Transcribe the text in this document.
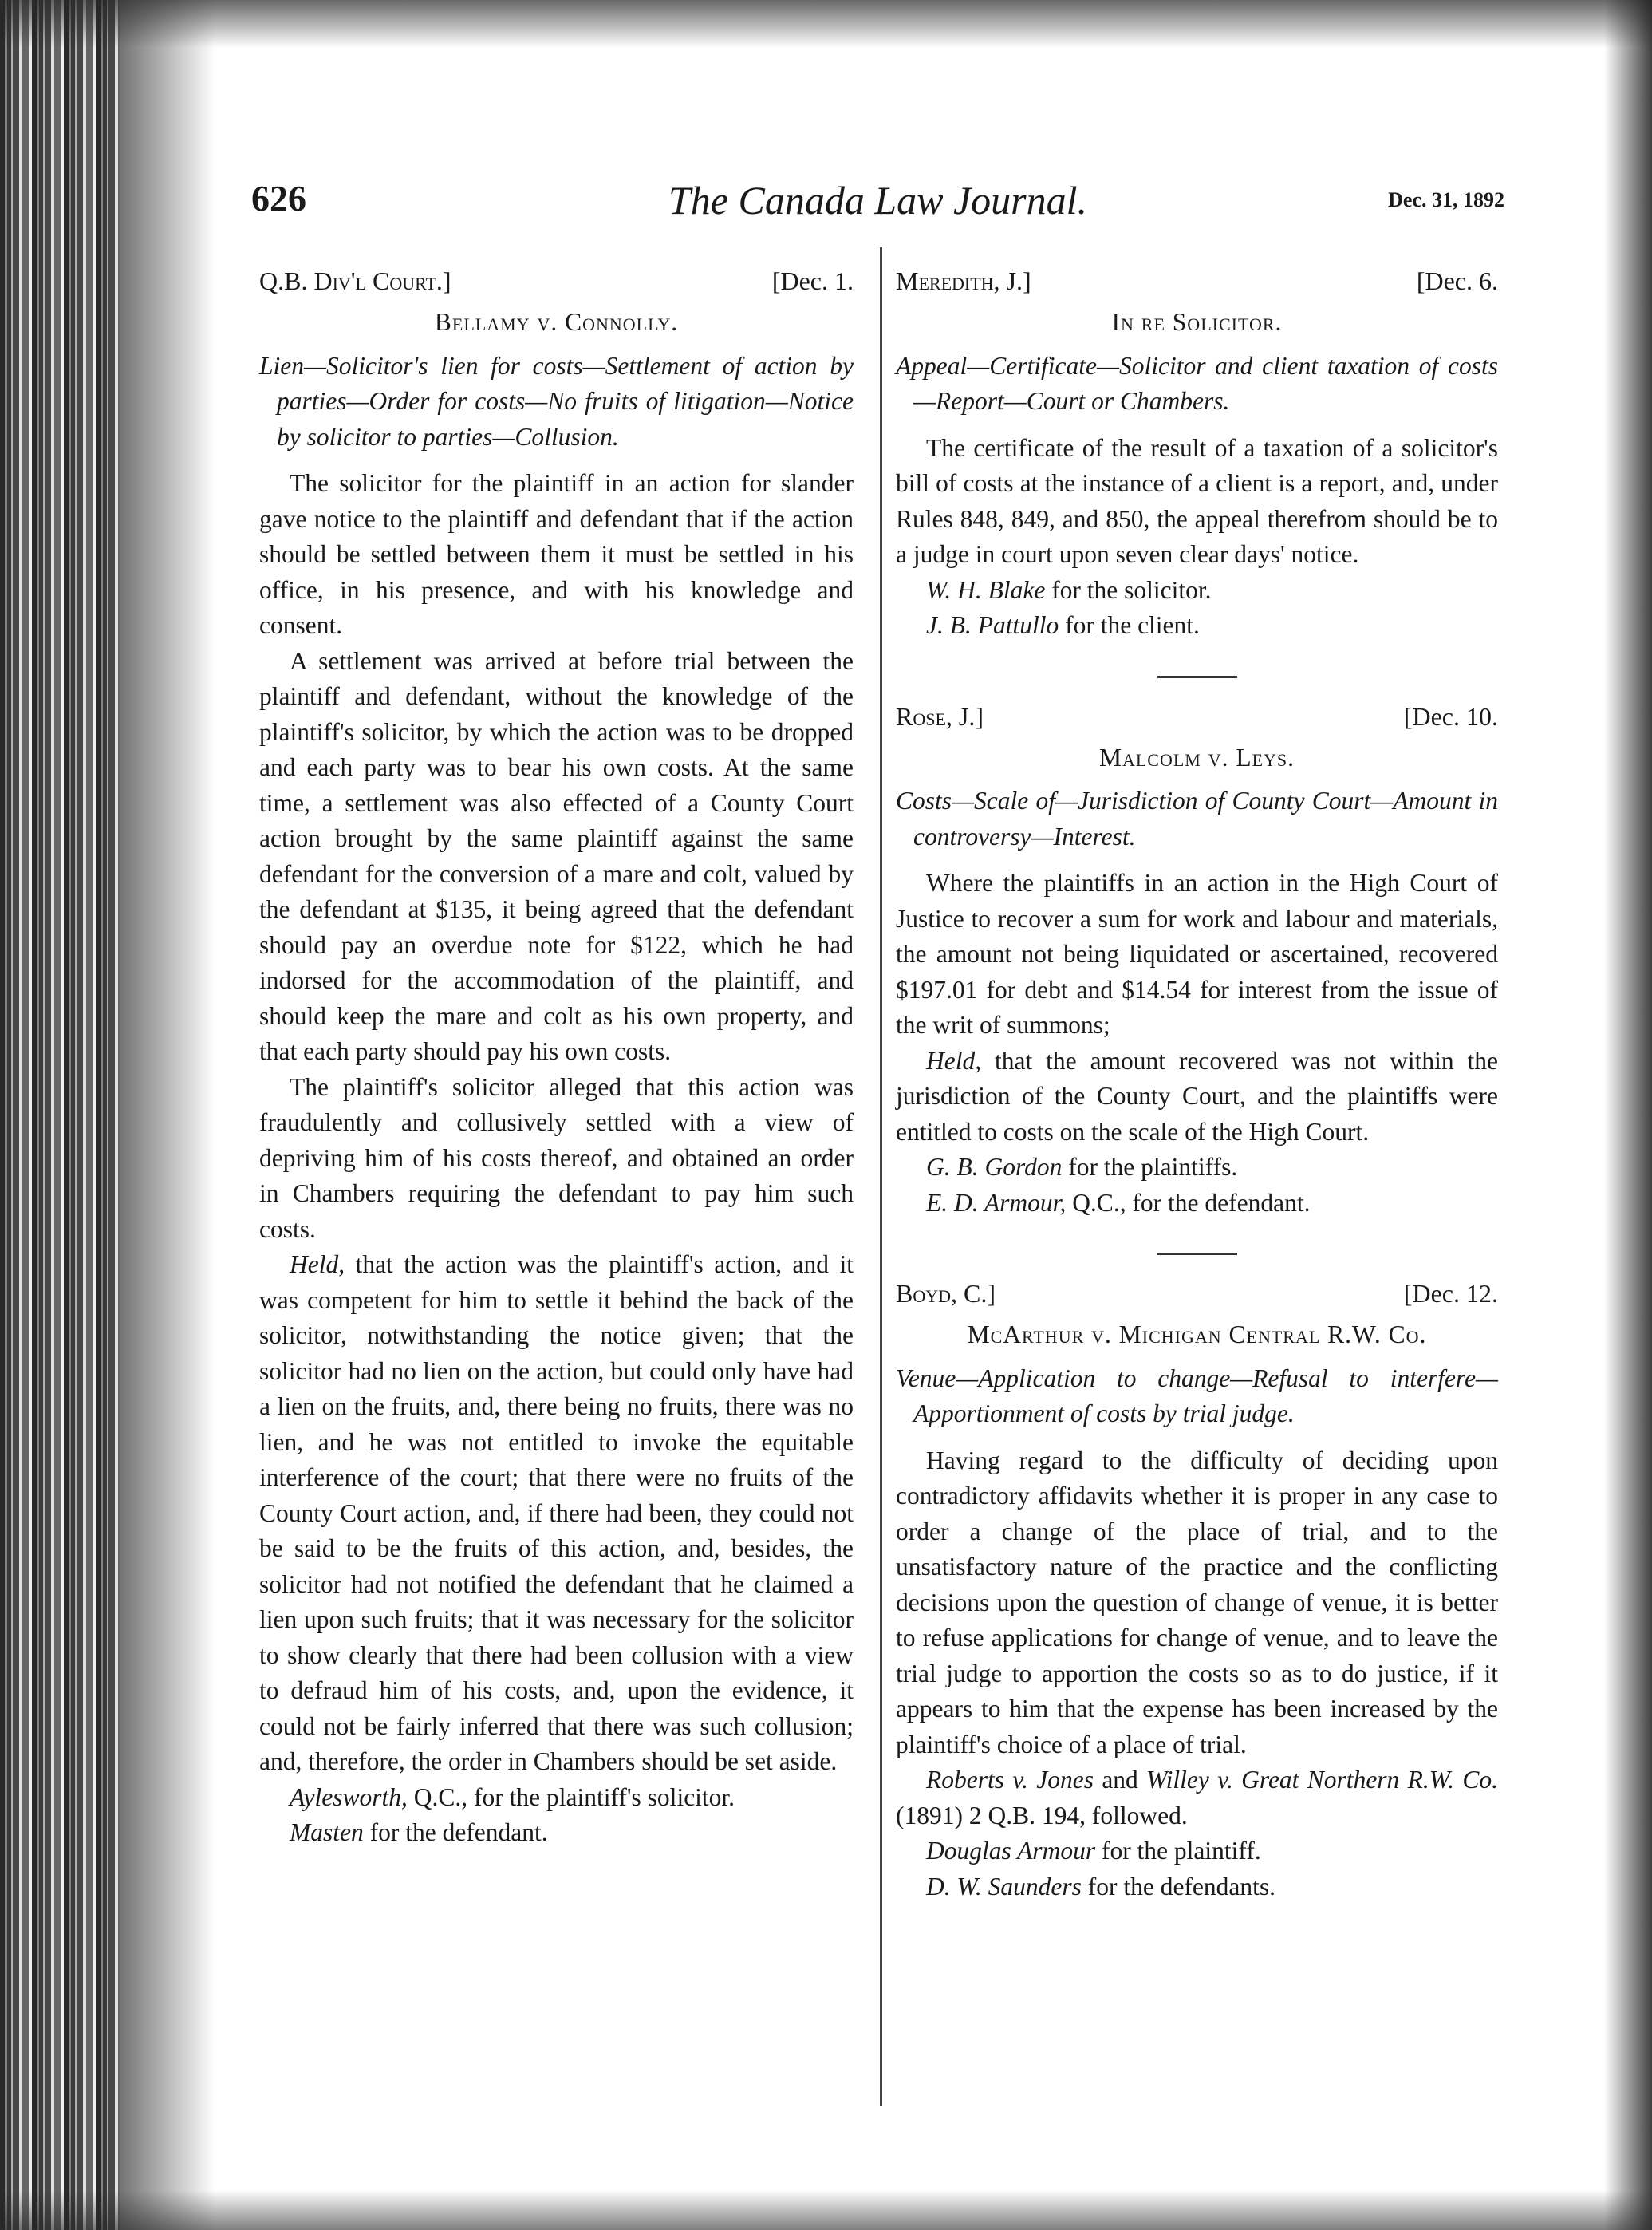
626	The Canada Law Journal.	Dec. 31, 1892
Q.B. Div'l Court.]	[Dec. 1.
Bellamy v. Connolly.
Lien—Solicitor's lien for costs—Settlement of action by parties—Order for costs—No fruits of litigation—Notice by solicitor to parties—Collusion.

The solicitor for the plaintiff in an action for slander gave notice to the plaintiff and defendant that if the action should be settled between them it must be settled in his office, in his presence, and with his knowledge and consent.

A settlement was arrived at before trial between the plaintiff and defendant, without the knowledge of the plaintiff's solicitor, by which the action was to be dropped and each party was to bear his own costs. At the same time, a settlement was also effected of a County Court action brought by the same plaintiff against the same defendant for the conversion of a mare and colt, valued by the defendant at $135, it being agreed that the defendant should pay an overdue note for $122, which he had indorsed for the accommodation of the plaintiff, and should keep the mare and colt as his own property, and that each party should pay his own costs.

The plaintiff's solicitor alleged that this action was fraudulently and collusively settled with a view of depriving him of his costs thereof, and obtained an order in Chambers requiring the defendant to pay him such costs.

Held, that the action was the plaintiff's action, and it was competent for him to settle it behind the back of the solicitor, notwithstanding the notice given; that the solicitor had no lien on the action, but could only have had a lien on the fruits, and, there being no fruits, there was no lien, and he was not entitled to invoke the equitable interference of the court; that there were no fruits of the County Court action, and, if there had been, they could not be said to be the fruits of this action, and, besides, the solicitor had not notified the defendant that he claimed a lien upon such fruits; that it was necessary for the solicitor to show clearly that there had been collusion with a view to defraud him of his costs, and, upon the evidence, it could not be fairly inferred that there was such collusion; and, therefore, the order in Chambers should be set aside.

Aylesworth, Q.C., for the plaintiff's solicitor.

Masten for the defendant.

Meredith, J.]	[Dec. 6.
In re Solicitor.
Appeal—Certificate—Solicitor and client taxation of costs—Report—Court or Chambers.

The certificate of the result of a taxation of a solicitor's bill of costs at the instance of a client is a report, and, under Rules 848, 849, and 850, the appeal therefrom should be to a judge in court upon seven clear days' notice.

W. H. Blake for the solicitor.

J. B. Pattullo for the client.

Rose, J.]	[Dec. 10.
Malcolm v. Leys.
Costs—Scale of—Jurisdiction of County Court—Amount in controversy—Interest.

Where the plaintiffs in an action in the High Court of Justice to recover a sum for work and labour and materials, the amount not being liquidated or ascertained, recovered $197.01 for debt and $14.54 for interest from the issue of the writ of summons;

Held, that the amount recovered was not within the jurisdiction of the County Court, and the plaintiffs were entitled to costs on the scale of the High Court.

G. B. Gordon for the plaintiffs.

E. D. Armour, Q.C., for the defendant.

Boyd, C.]	[Dec. 12.
McArthur v. Michigan Central R.W. Co.
Venue—Application to change—Refusal to interfere—Apportionment of costs by trial judge.

Having regard to the difficulty of deciding upon contradictory affidavits whether it is proper in any case to order a change of the place of trial, and to the unsatisfactory nature of the practice and the conflicting decisions upon the question of change of venue, it is better to refuse applications for change of venue, and to leave the trial judge to apportion the costs so as to do justice, if it appears to him that the expense has been increased by the plaintiff's choice of a place of trial.

Roberts v. Jones and Willey v. Great Northern R.W. Co. (1891) 2 Q.B. 194, followed.

Douglas Armour for the plaintiff.

D. W. Saunders for the defendants.
